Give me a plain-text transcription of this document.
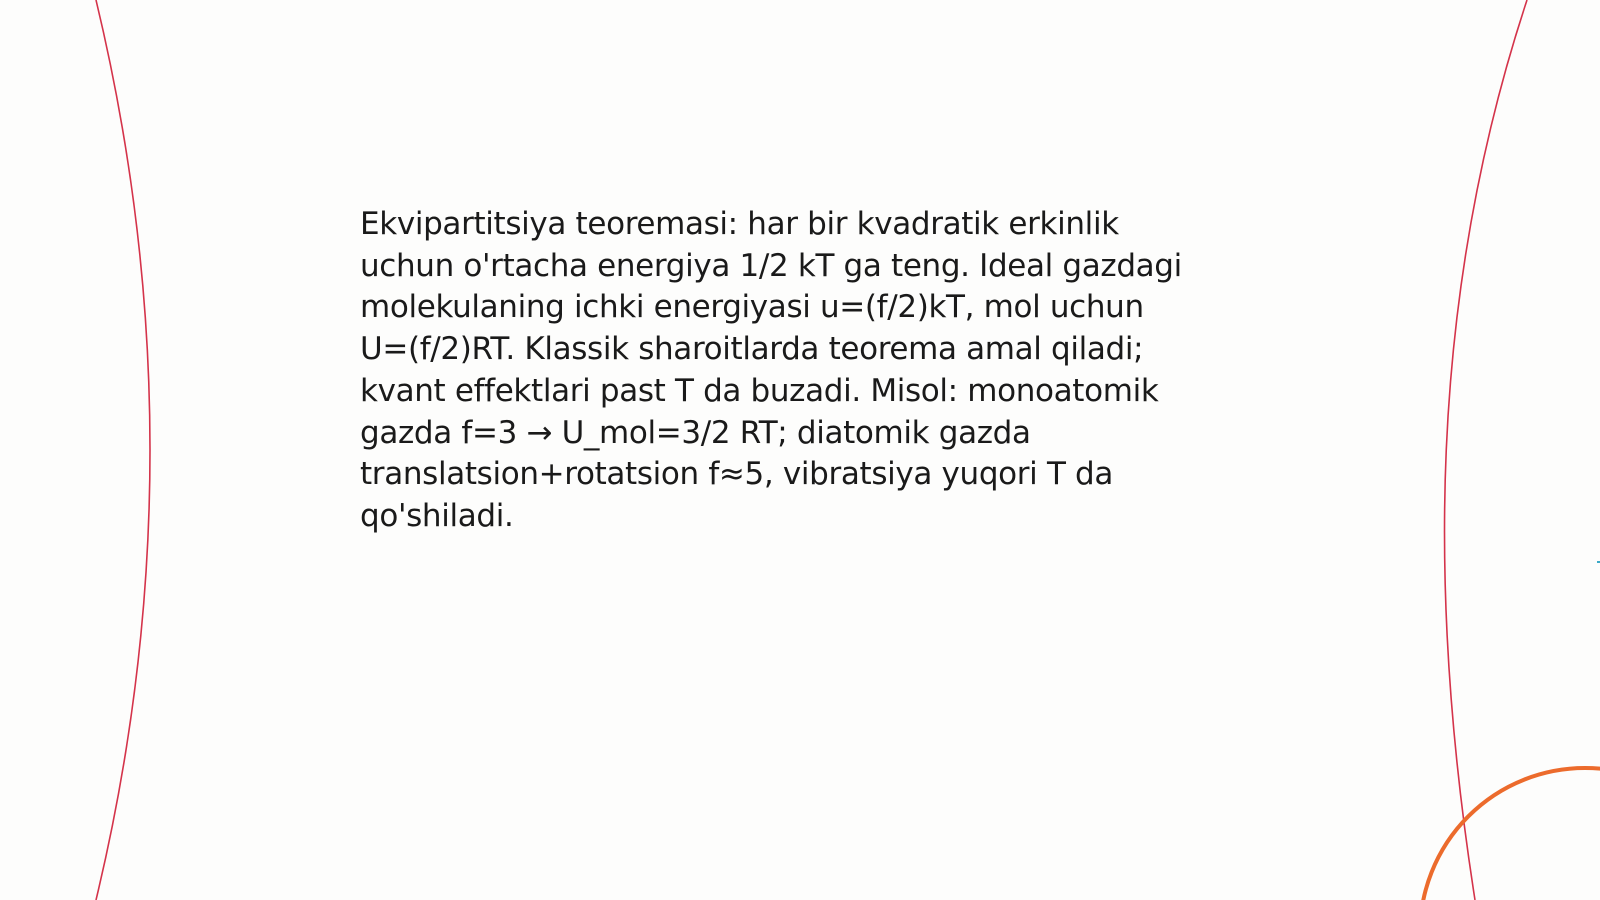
Ekvipartitsiya teoremasi: har bir kvadratik erkinlik
uchun o'rtacha energiya 1/2 kT ga teng. Ideal gazdagi
molekulaning ichki energiyasi u=(f/2)kT, mol uchun
U=(f/2)RT. Klassik sharoitlarda teorema amal qiladi;
kvant effektlari past T da buzadi. Misol: monoatomik
gazda f=3 → U_mol=3/2 RT; diatomik gazda
translatsion+rotatsion f≈5, vibratsiya yuqori T da
qo'shiladi.
